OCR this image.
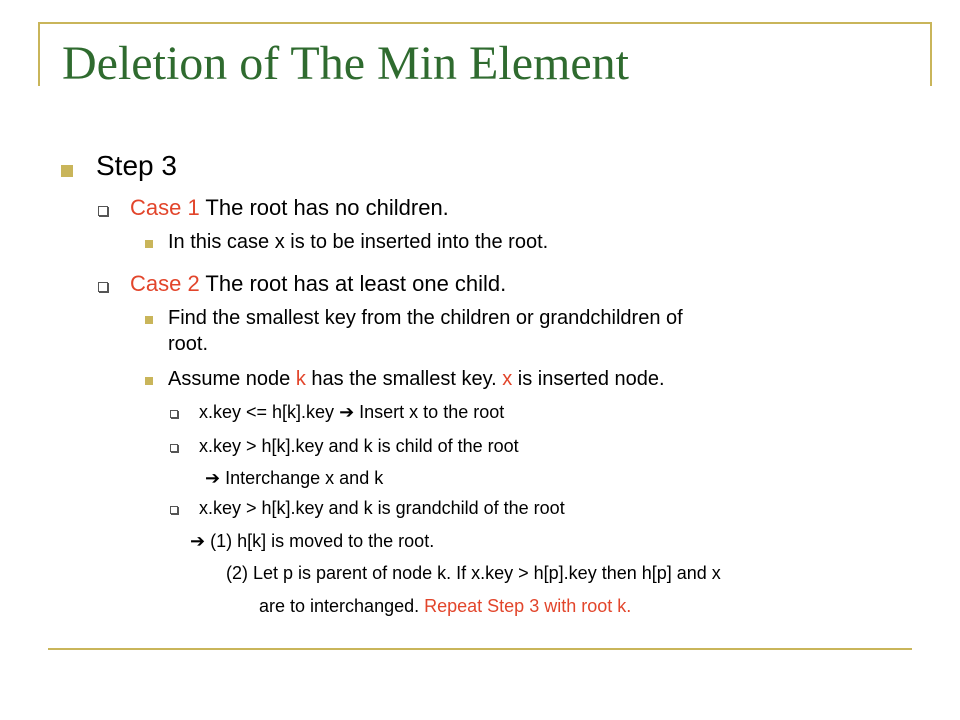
Deletion of The Min Element
Step 3
Case 1 The root has no children.
In this case x is to be inserted into the root.
Case 2 The root has at least one child.
Find the smallest key from the children or grandchildren of
root.
Assume node k has the smallest key. x is inserted node.
x.key <= h[k].key ➔ Insert x to the root
x.key > h[k].key and k is child of the root
➔ Interchange x and k
x.key > h[k].key and k is grandchild of the root
➔ (1) h[k] is moved to the root.
(2) Let p is parent of node k. If x.key > h[p].key then h[p] and x
are to interchanged. Repeat Step 3 with root k.
